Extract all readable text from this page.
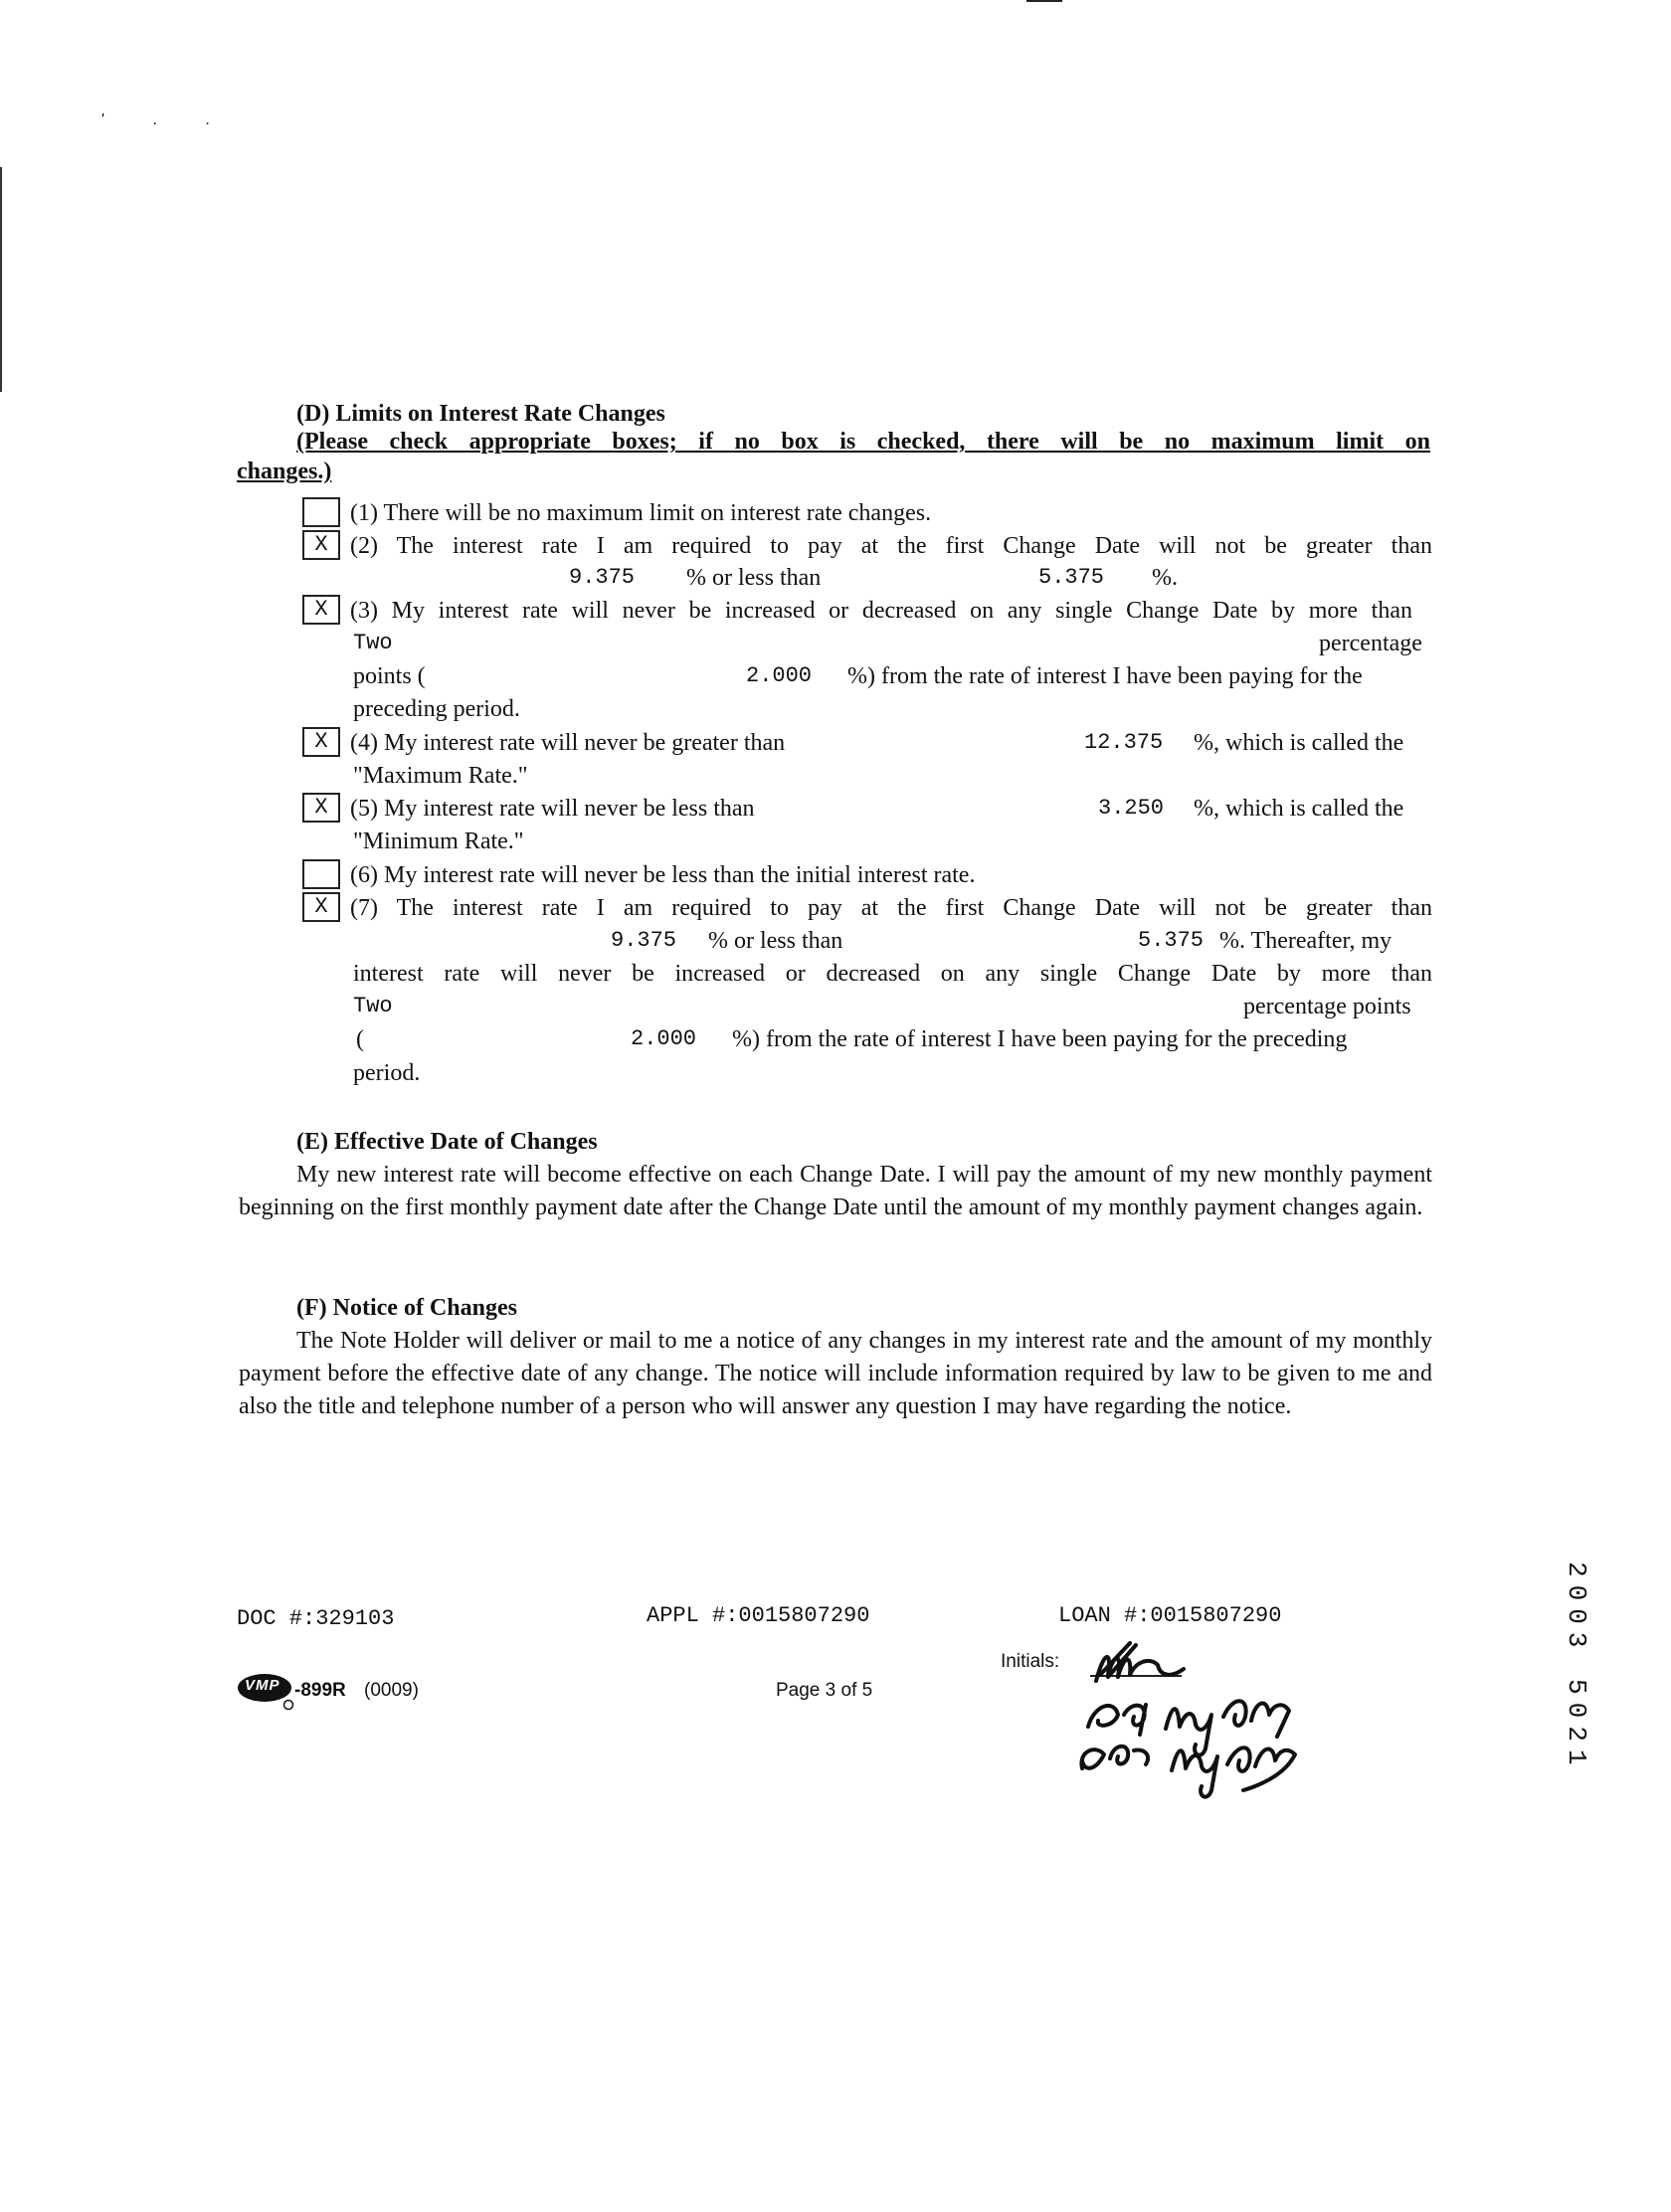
' . .
(D) Limits on Interest Rate Changes
(Please check appropriate boxes; if no box is checked, there will be no maximum limit on
changes.)
(1) There will be no maximum limit on interest rate changes.
X (2) The interest rate I am required to pay at the first Change Date will not be greater than
9.375 % or less than	5.375 %.
X (3) My interest rate will never be increased or decreased on any single Change Date by more than
Two	percentage
points (	2.000 %) from the rate of interest I have been paying for the
preceding period.
X (4) My interest rate will never be greater than	12.375 %, which is called the
"Maximum Rate."
X (5) My interest rate will never be less than	3.250 %, which is called the
"Minimum Rate."
(6) My interest rate will never be less than the initial interest rate.
X (7) The interest rate I am required to pay at the first Change Date will not be greater than
9.375 % or less than	5.375 %. Thereafter, my
interest rate will never be increased or decreased on any single Change Date by more than
Two	percentage points
(	2.000 %) from the rate of interest I have been paying for the preceding
period.
(E) Effective Date of Changes

My new interest rate will become effective on each Change Date. I will pay the amount of my new monthly payment beginning on the first monthly payment date after the Change Date until the amount of my monthly payment changes again.

(F) Notice of Changes

The Note Holder will deliver or mail to me a notice of any changes in my interest rate and the amount of my monthly payment before the effective date of any change. The notice will include information required by law to be given to me and also the title and telephone number of a person who will answer any question I may have regarding the notice.

DOC #:329103	APPL #:0015807290	LOAN #:0015807290
Initials:
VMP -899R (0009)	Page 3 of 5	2003 5021
